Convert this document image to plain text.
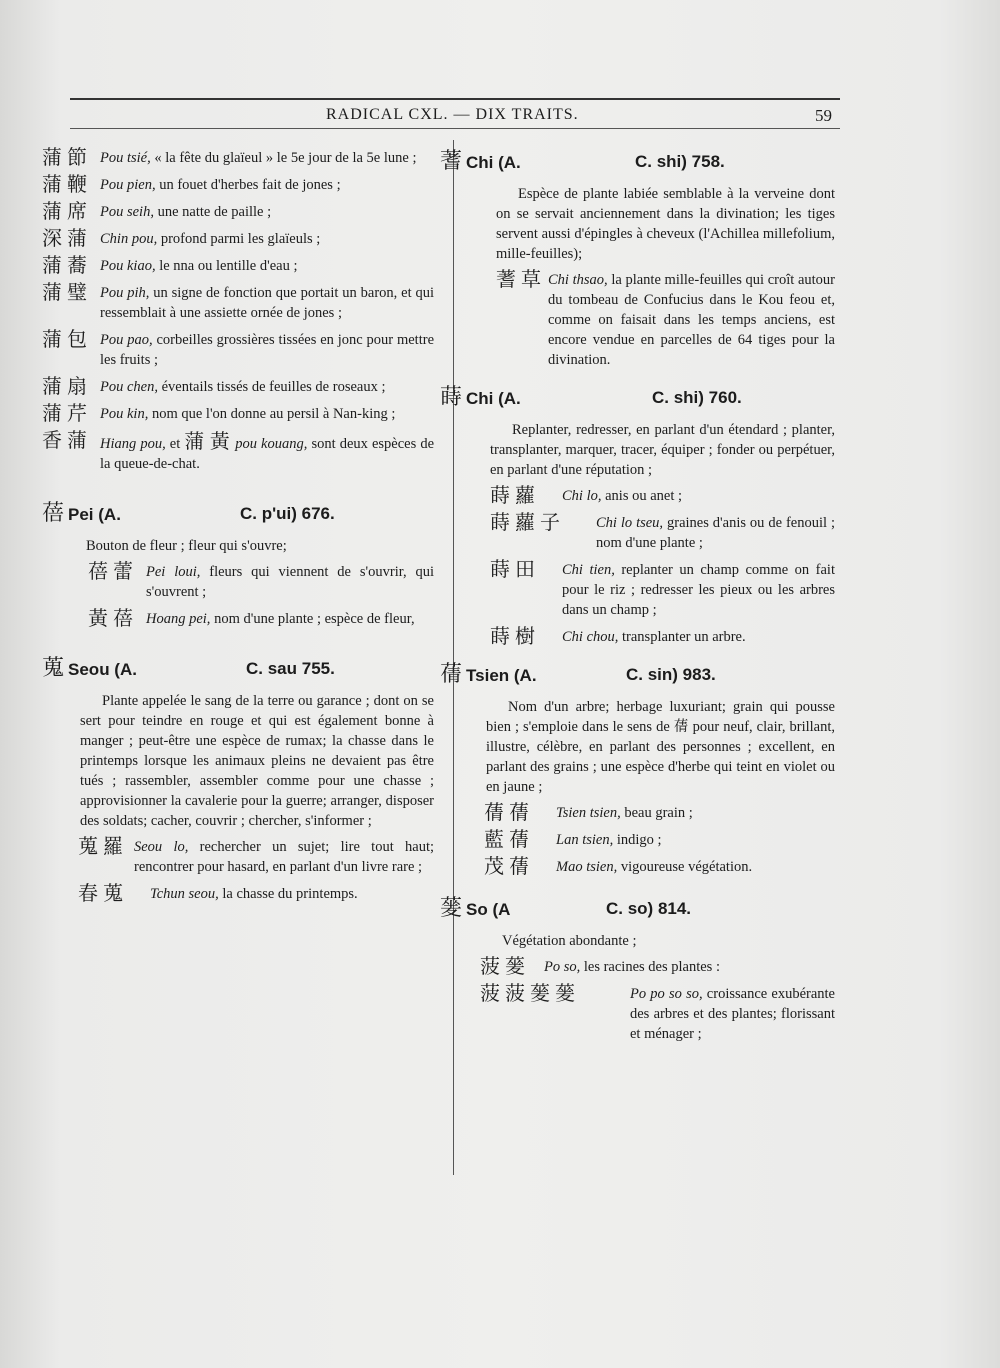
RADICAL CXL. — DIX TRAITS.	59
蒲節 Pou tsié, « la fête du glaïeul » le 5e jour de la 5e lune ;
蒲鞭 Pou pien, un fouet d'herbes fait de jones ;
蒲席 Pou seih, une natte de paille ;
深蒲 Chin pou, profond parmi les glaïeuls ;
蒲蕎 Pou kiao, le nna ou lentille d'eau ;
蒲璧 Pou pih, un signe de fonction que portait un baron, et qui ressemblait à une assiette ornée de jones ;
蒲包 Pou pao, corbeilles grossières tissées en jonc pour mettre les fruits ;
蒲扇 Pou chen, éventails tissés de feuilles de roseaux ;
蒲芹 Pou kin, nom que l'on donne au persil à Nan-king ;
香蒲 Hiang pou, et 蒲黃pou kouang, sont deux espèces de la queue-de-chat.
蓓 Pei (A.	C. p'ui) 676.
Bouton de fleur ; fleur qui s'ouvre;
蓓蕾 Pei loui, fleurs qui viennent de s'ouvrir, qui s'ouvrent ;
黃蓓 Hoang pei, nom d'une plante ; espèce de fleur,
蒐 Seou (A.	C. sau 755.
Plante appelée le sang de la terre ou garance ; dont on se sert pour teindre en rouge et qui est également bonne à manger ; peut-être une espèce de rumax; la chasse dans le printemps lorsque les animaux pleins ne devaient pas être tués ; rassembler, assembler comme pour une chasse ; approvisionner la cavalerie pour la guerre; arranger, disposer des soldats; cacher, couvrir ; chercher, s'informer ;
蒐羅 Seou lo, rechercher un sujet; lire tout haut; rencontrer pour hasard, en parlant d'un livre rare ;
春蒐 Tchun seou, la chasse du printemps.
蓍 Chi (A.	C. shi) 758.
Espèce de plante labiée semblable à la verveine dont on se servait anciennement dans la divination; les tiges servent aussi d'épingles à cheveux (l'Achillea millefolium, mille-feuilles);
蓍草 Chi thsao, la plante mille-feuilles qui croît autour du tombeau de Confucius dans le Kou feou et, comme on faisait dans les temps anciens, est encore vendue en parcelles de 64 tiges pour la divination.
蒔 Chi (A.	C. shi) 760.
Replanter, redresser, en parlant d'un étendard ; planter, transplanter, marquer, tracer, équiper ; fonder ou perpétuer, en parlant d'une réputation ;
蒔蘿 Chi lo, anis ou anet ;
蒔蘿子 Chi lo tseu, graines d'anis ou de fenouil ; nom d'une plante ;
蒔田 Chi tien, replanter un champ comme on fait pour le riz ; redresser les pieux ou les arbres dans un champ ;
蒔樹 Chi chou, transplanter un arbre.
蒨 Tsien (A.	C. sin) 983.
Nom d'un arbre; herbage luxuriant; grain qui pousse bien ; s'emploie dans le sens de 蒨 pour neuf, clair, brillant, illustre, célèbre, en parlant des personnes ; excellent, en parlant des grains ; une espèce d'herbe qui teint en violet ou en jaune ;
蒨蒨 Tsien tsien, beau grain ;
藍蒨 Lan tsien, indigo ;
茂蒨 Mao tsien, vigoureuse végétation.
蓌 So (A	C. so) 814.
Végétation abondante ;
菠蓌 Po so, les racines des plantes :
菠菠蓌蓌	Po po so so, croissance exubérante des arbres et des plantes; florissant et ménager ;
